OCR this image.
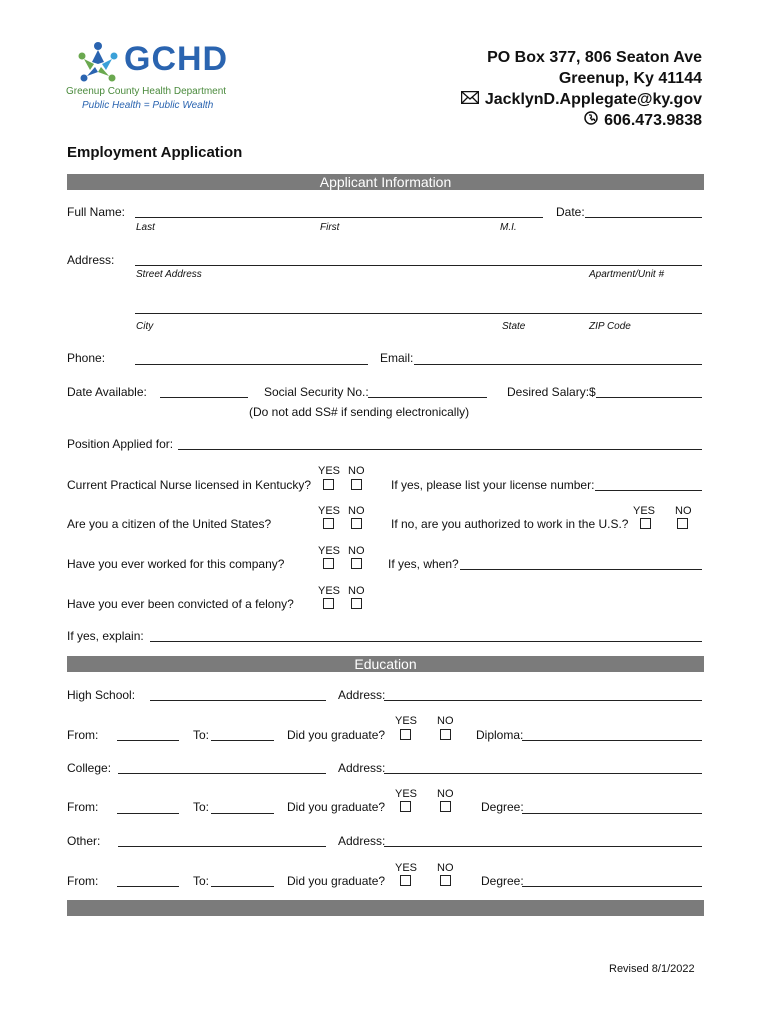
GCHD
Greenup County Health Department
Public Health = Public Wealth
PO Box 377, 806 Seaton Ave
Greenup, Ky 41144
JacklynD.Applegate@ky.gov
606.473.9838
Employment Application
Applicant Information
Full Name:	Date:
Last	First	M.I.
Address:
Street Address	Apartment/Unit #
City	State	ZIP Code
Phone:	Email:
Date Available:	Social Security No.:	Desired Salary:$
(Do not add SS# if sending electronically)
Position Applied for:
YES NO
Current Practical Nurse licensed in Kentucky?	If yes, please list your license number:
YES NO
Are you a citizen of the United States?
YES NO
If no, are you authorized to work in the U.S.?
YES NO
Have you ever worked for this company?	If yes, when?
YES NO
Have you ever been convicted of a felony?
If yes, explain:
Education
High School:	Address:
YES NO
From:	To:	Did you graduate?	Diploma:
College:	Address:
YES NO
From:	To:	Did you graduate?	Degree:
Other:	Address:
YES NO
From:	To:	Did you graduate?	Degree:
Revised 8/1/2022
